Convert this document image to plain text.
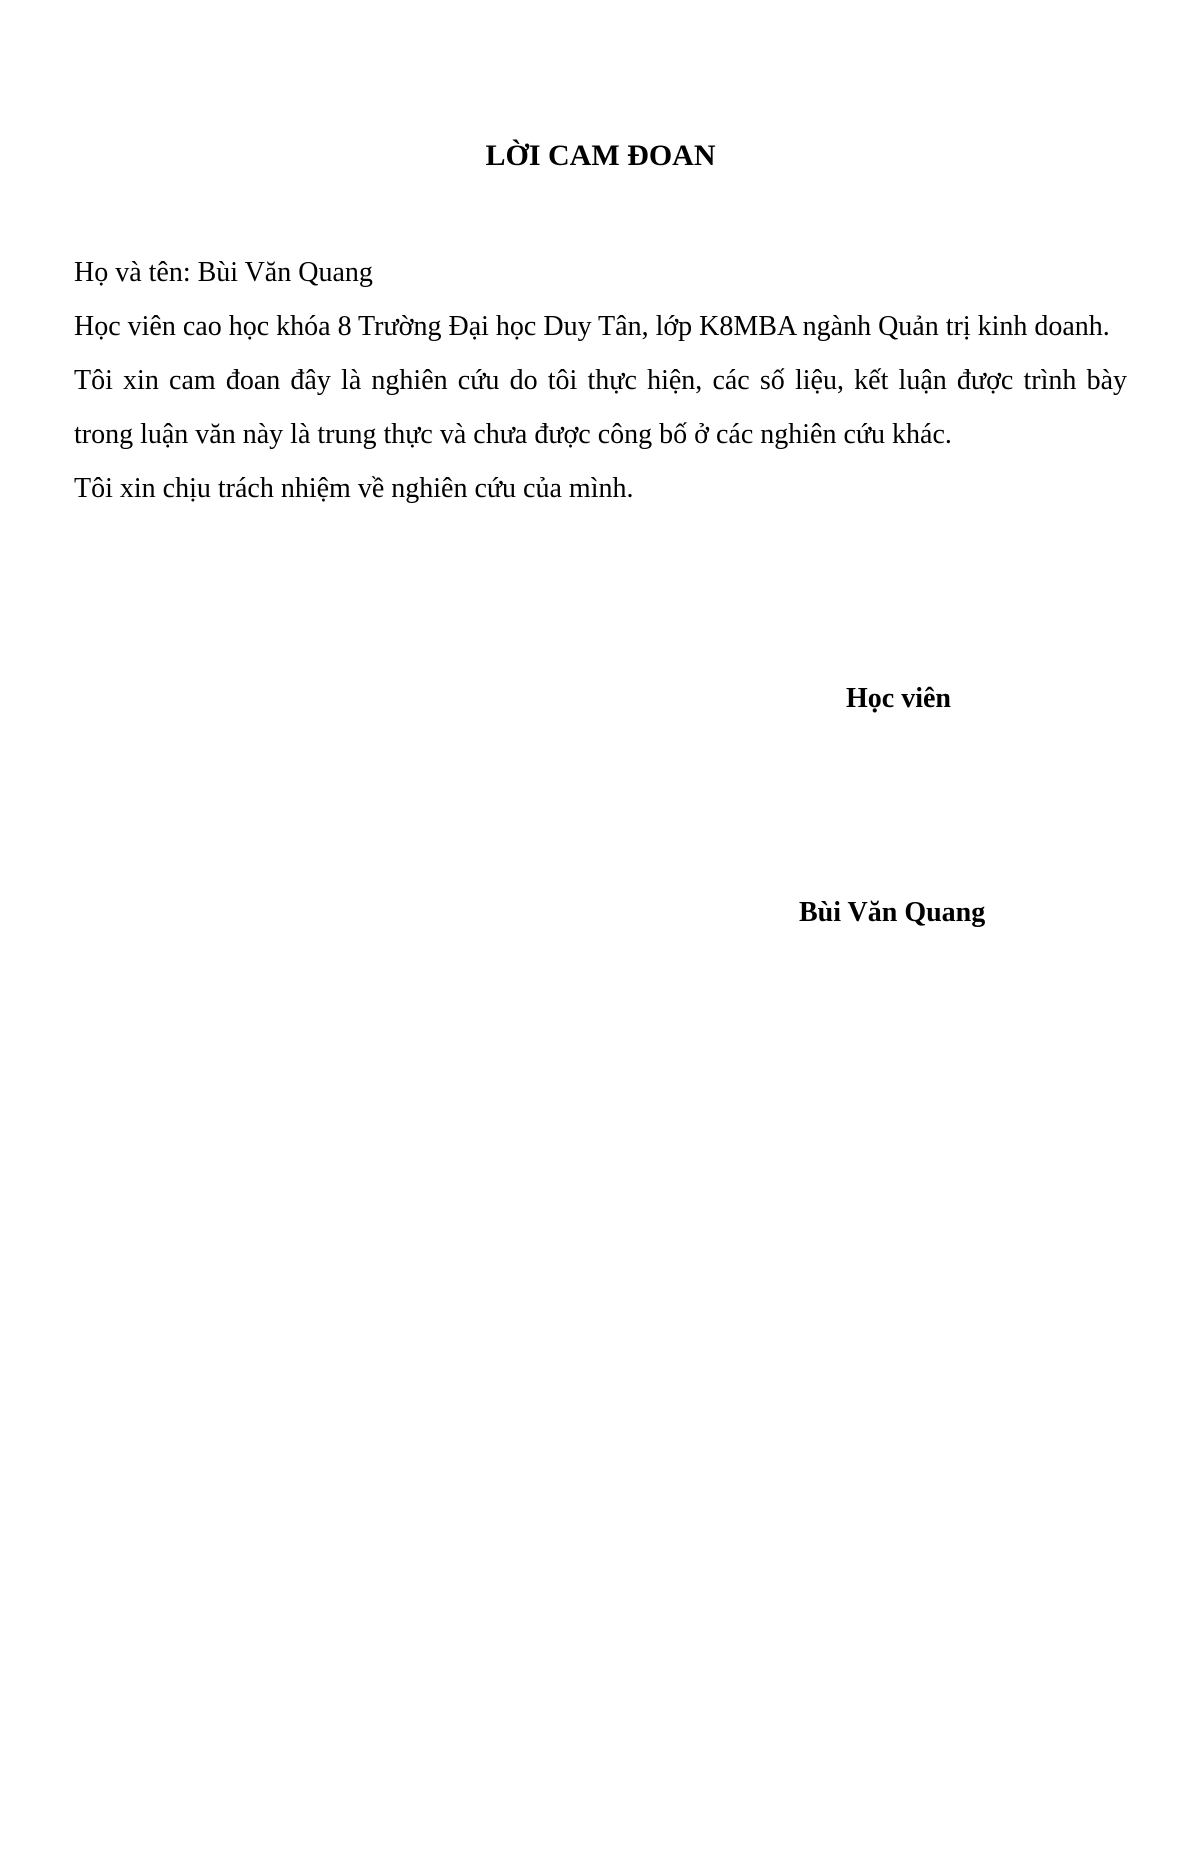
LỜI CAM ĐOAN

Họ và tên: Bùi Văn Quang

Học viên cao học khóa 8 Trường Đại học Duy Tân, lớp K8MBA ngành Quản trị kinh doanh.

Tôi xin cam đoan đây là nghiên cứu do tôi thực hiện, các số liệu, kết luận được trình bày trong luận văn này là trung thực và chưa được công bố ở các nghiên cứu khác.

Tôi xin chịu trách nhiệm về nghiên cứu của mình.

Học viên
Bùi Văn Quang
